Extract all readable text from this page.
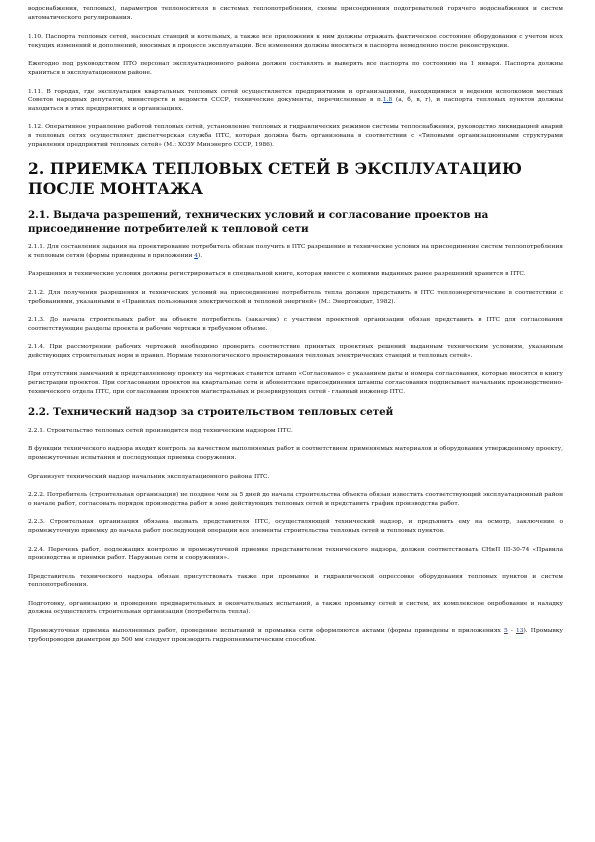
водоснабжения, тепловых), параметров теплоносителя в системах теплопотребления, схемы присоединения подогревателей горячего водоснабжения и систем автоматического регулирования.

1.10. Паспорта тепловых сетей, насосных станций и котельных, а также все приложения к ним должны отражать фактическое состояние оборудования с учетом всех текущих изменений и дополнений, вносимых в процессе эксплуатации. Все изменения должны вноситься в паспорта немедленно после реконструкции.

Ежегодно под руководством ПТО персонал эксплуатационного района должен составлять и выверять все паспорта по состоянию на 1 января. Паспорта должны храниться в эксплуатационном районе.

1.11. В городах, где эксплуатация квартальных тепловых сетей осуществляется предприятиями и организациями, находящимися в ведении исполкомов местных Советов народных депутатов, министерств и ведомств СССР, технические документы, перечисленные в п.1.8 (а, б, в, г), и паспорта тепловых пунктов должны находиться в этих предприятиях и организациях.

1.12. Оперативное управление работой тепловых сетей, установление тепловых и гидравлических режимов системы теплоснабжения, руководство ликвидацией аварий в тепловых сетях осуществляет диспетчерская служба ПТС, которая должна быть организована в соответствии с «Типовыми организационными структурами управления предприятий тепловых сетей» (М.: ХОЗУ Минэнерго СССР, 1986).

2. ПРИЕМКА ТЕПЛОВЫХ СЕТЕЙ В ЭКСПЛУАТАЦИЮ ПОСЛЕ МОНТАЖА
2.1. Выдача разрешений, технических условий и согласование проектов на присоединение потребителей к тепловой сети

2.1.1. Для составления задания на проектирование потребитель обязан получить в ПТС разрешение и технические условия на присоединение систем теплопотребления к тепловым сетям (формы приведены в приложении 4).

Разрешения и технические условия должны регистрироваться в специальной книге, которая вместе с копиями выданных ранее разрешений хранится в ПТС.

2.1.2. Для получения разрешения и технических условий на присоединение потребитель тепла должен представить в ПТС теплоэнергетические в соответствии с требованиями, указанными в «Правилах пользования электрической и тепловой энергией» (М.: Энергоиздат, 1982).

2.1.3. До начала строительных работ на объекте потребитель (заказчик) с участием проектной организации обязан представить в ПТС для согласования соответствующие разделы проекта и рабочие чертежи в требуемом объеме.

2.1.4. При рассмотрении рабочих чертежей необходимо проверить соответствие принятых проектных решений выданным техническим условиям, указанным действующих строительных норм и правил. Нормам технологического проектирования тепловых электрических станций и тепловых сетей».

При отсутствии замечаний к представленному проекту на чертежах ставится штамп «Согласовано» с указанием даты и номера согласования, которые вносятся в книгу регистрации проектов. При согласовании проектов на квартальные сети и абонентские присоединения штампы согласования подписывает начальник производственно-технического отдела ПТС, при согласовании проектов магистральных и резервирующих сетей - главный инженер ПТС.

2.2. Технический надзор за строительством тепловых сетей

2.2.1. Строительство тепловых сетей производится под техническим надзором ПТС.

В функции технического надзора входит контроль за качеством выполняемых работ и соответствием применяемых материалов и оборудования утвержденному проекту, промежуточные испытания и последующая приемка сооружения.

Организует технический надзор начальник эксплуатационного района ПТС.

2.2.2. Потребитель (строительная организация) не позднее чем за 5 дней до начала строительства объекта обязан известить соответствующий эксплуатационный район о начале работ, согласовать порядок производства работ в зоне действующих тепловых сетей и представить график производства работ.

2.2.3. Строительная организация обязана вызвать представителя ПТС, осуществляющей технический надзор, и предъявить ему на осмотр, заключение о промежуточную приемку до начала работ последующей операции все элементы строительства тепловых сетей и тепловых пунктов.

2.2.4. Перечень работ, подлежащих контролю и промежуточной приемке представителем технического надзора, должен соответствовать СНиП III-30-74 «Правила производства и приемки работ. Наружные сети и сооружения».

Представитель технического надзора обязан присутствовать также при промывке и гидравлической опрессовке оборудования тепловых пунктов и систем теплопотребления.

Подготовку, организацию и проведение предварительных и окончательных испытаний, а также промывку сетей и систем, их комплексное опробование и наладку должна осуществлять строительная организация (потребитель тепла).

Промежуточная приемка выполненных работ, проведение испытаний и промывка сети оформляются актами (формы приведены в приложениях 5 - 13). Промывку трубопроводов диаметром до 500 мм следует производить гидропневматическим способом.
